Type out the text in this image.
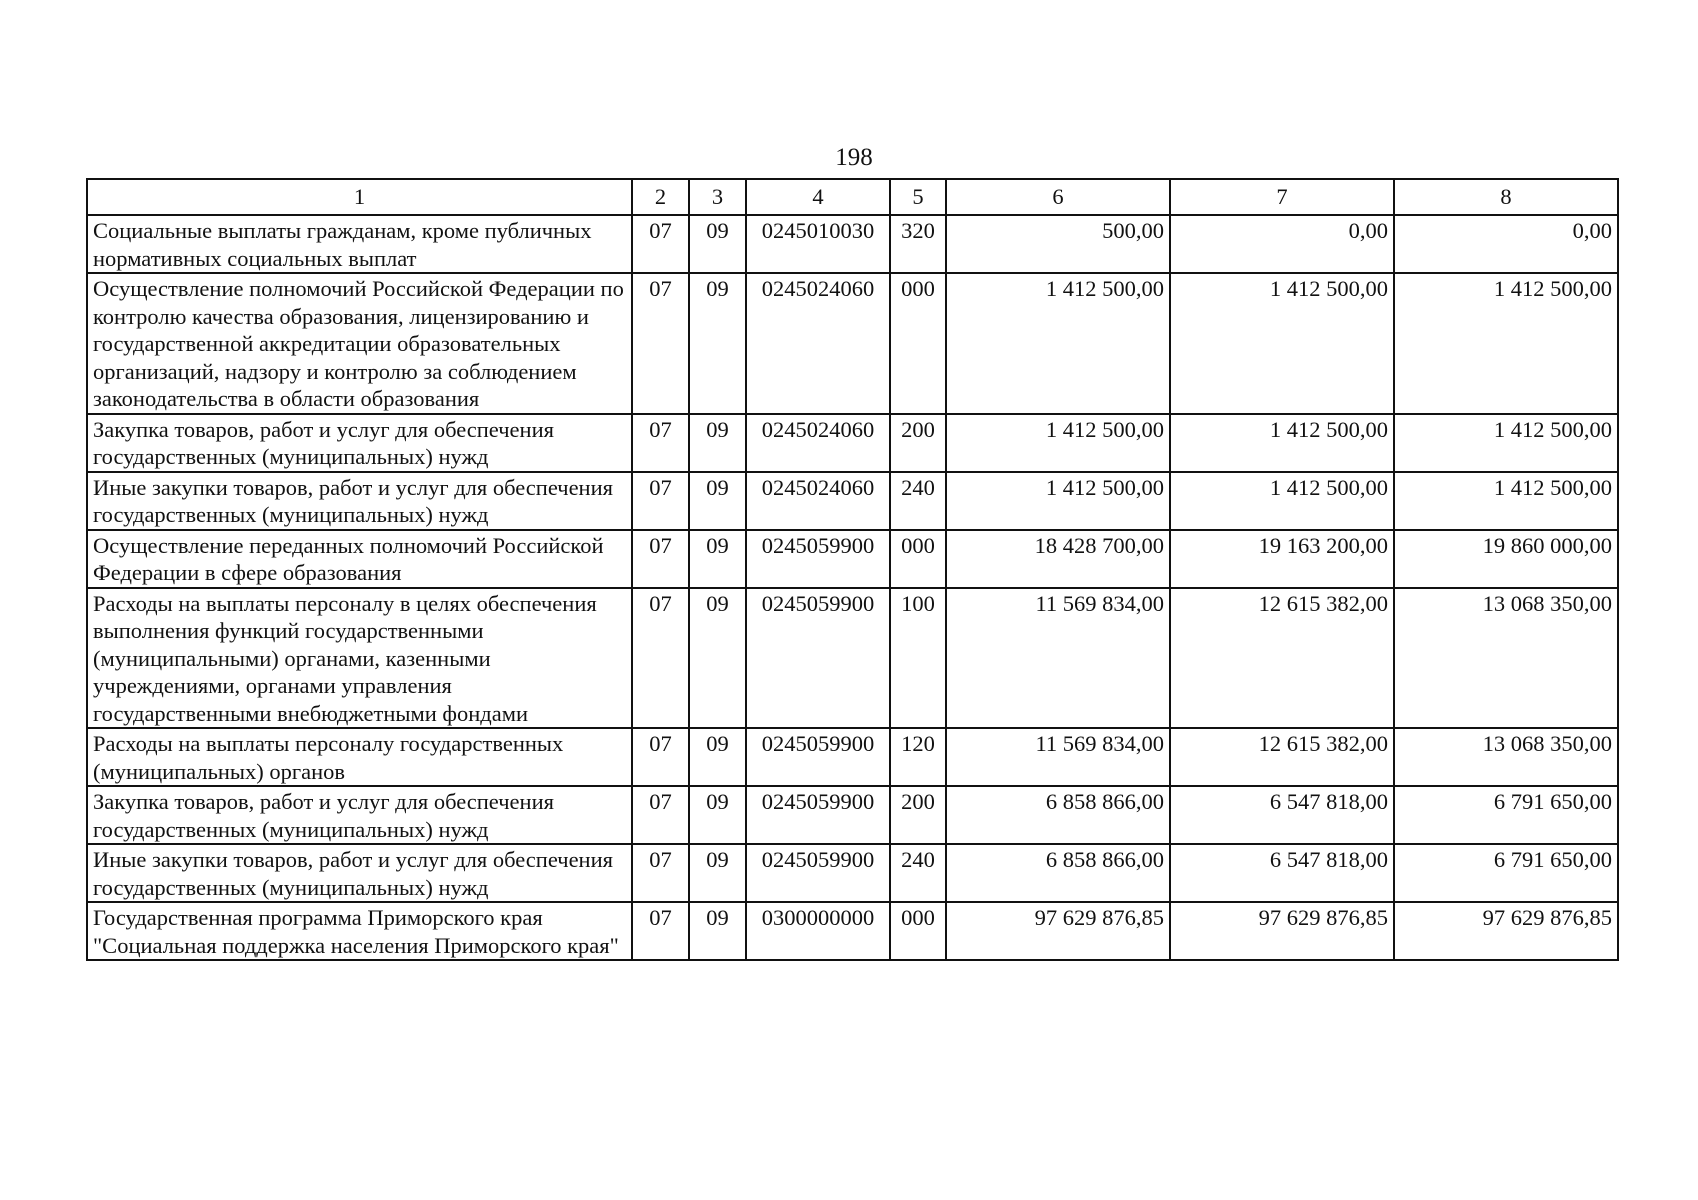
198
1	2	3	4	5	6	7	8
Социальные выплаты гражданам, кроме публичных нормативных социальных выплат	07	09	0245010030	320	500,00	0,00	0,00
Осуществление полномочий Российской Федерации по контролю качества образования, лицензированию и государственной аккредитации образовательных организаций, надзору и контролю за соблюдением законодательства в области образования	07	09	0245024060	000	1 412 500,00	1 412 500,00	1 412 500,00
Закупка товаров, работ и услуг для обеспечения государственных (муниципальных) нужд	07	09	0245024060	200	1 412 500,00	1 412 500,00	1 412 500,00
Иные закупки товаров, работ и услуг для обеспечения государственных (муниципальных) нужд	07	09	0245024060	240	1 412 500,00	1 412 500,00	1 412 500,00
Осуществление переданных полномочий Российской Федерации в сфере образования	07	09	0245059900	000	18 428 700,00	19 163 200,00	19 860 000,00
Расходы на выплаты персоналу в целях обеспечения выполнения функций государственными (муниципальными) органами, казенными учреждениями, органами управления государственными внебюджетными фондами	07	09	0245059900	100	11 569 834,00	12 615 382,00	13 068 350,00
Расходы на выплаты персоналу государственных (муниципальных) органов	07	09	0245059900	120	11 569 834,00	12 615 382,00	13 068 350,00
Закупка товаров, работ и услуг для обеспечения государственных (муниципальных) нужд	07	09	0245059900	200	6 858 866,00	6 547 818,00	6 791 650,00
Иные закупки товаров, работ и услуг для обеспечения государственных (муниципальных) нужд	07	09	0245059900	240	6 858 866,00	6 547 818,00	6 791 650,00
Государственная программа Приморского края "Социальная поддержка населения Приморского края"	07	09	0300000000	000	97 629 876,85	97 629 876,85	97 629 876,85
